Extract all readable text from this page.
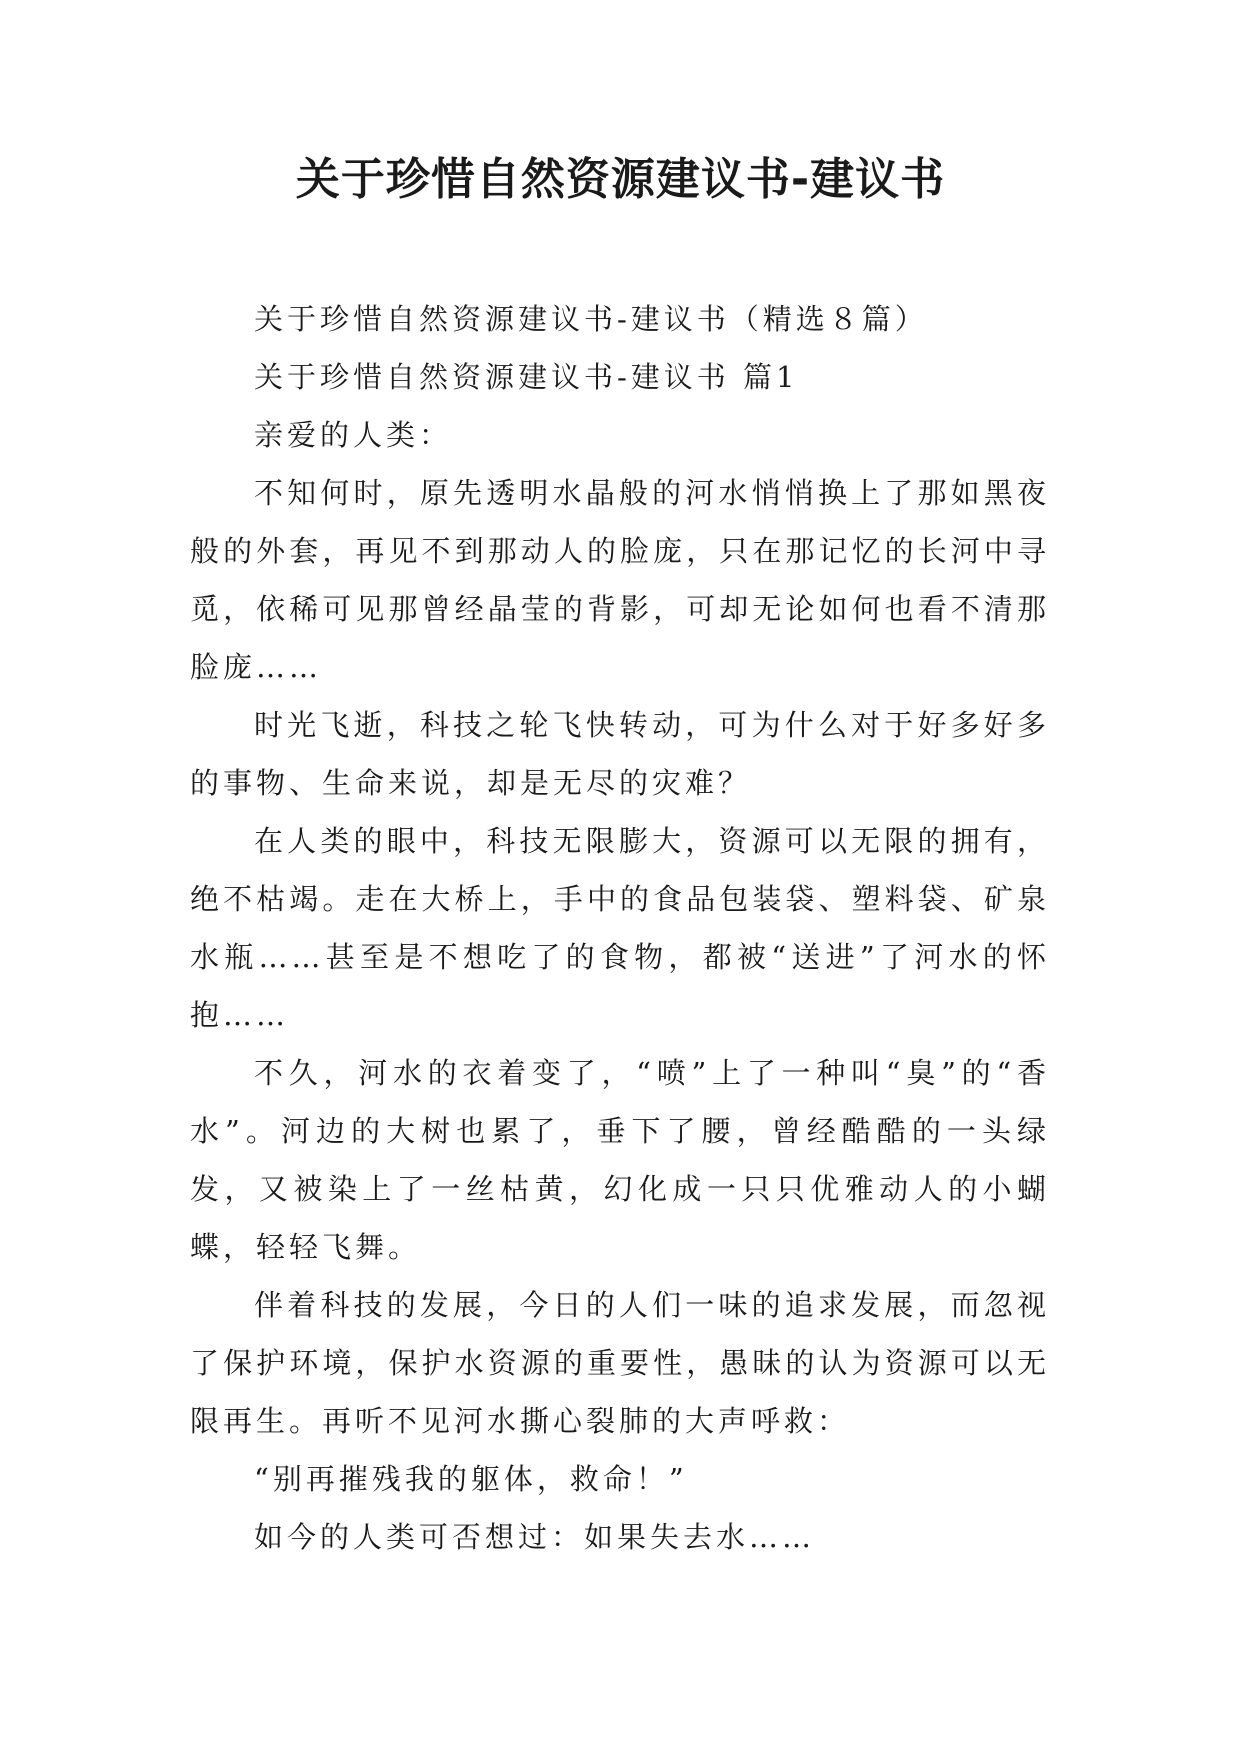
关于珍惜自然资源建议书-建议书

关于珍惜自然资源建议书-建议书（精选８篇）

关于珍惜自然资源建议书-建议书 篇1

亲爱的人类：

不知何时，原先透明水晶般的河水悄悄换上了那如黑夜般的外套，再见不到那动人的脸庞，只在那记忆的长河中寻觅，依稀可见那曾经晶莹的背影，可却无论如何也看不清那脸庞……

时光飞逝，科技之轮飞快转动，可为什么对于好多好多的事物、生命来说，却是无尽的灾难？

在人类的眼中，科技无限膨大，资源可以无限的拥有，绝不枯竭。走在大桥上，手中的食品包装袋、塑料袋、矿泉水瓶……甚至是不想吃了的食物，都被“送进”了河水的怀抱……

不久，河水的衣着变了，“喷”上了一种叫“臭”的“香水”。河边的大树也累了，垂下了腰，曾经酷酷的一头绿发，又被染上了一丝枯黄，幻化成一只只优雅动人的小蝴蝶，轻轻飞舞。

伴着科技的发展，今日的人们一味的追求发展，而忽视了保护环境，保护水资源的重要性，愚昧的认为资源可以无限再生。再听不见河水撕心裂肺的大声呼救：

“别再摧残我的躯体，救命！”

如今的人类可否想过：如果失去水……
